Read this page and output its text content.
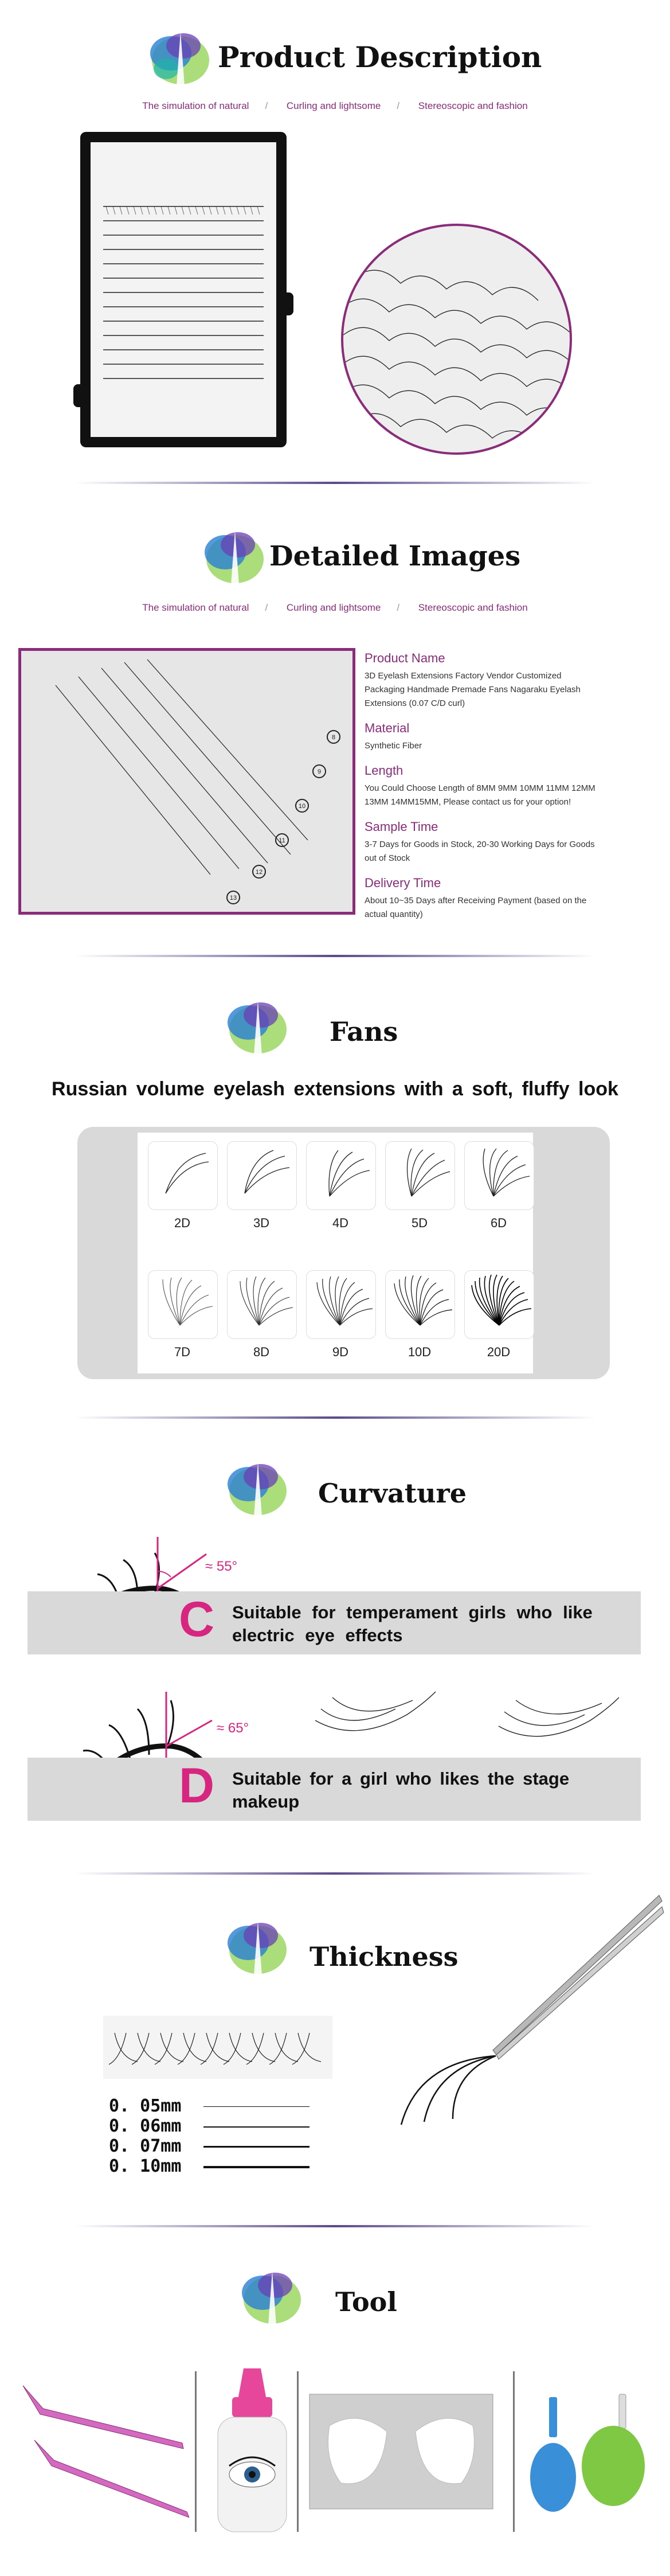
Product Description
The simulation of natural / Curling and lightsome / Stereoscopic and fashion
Detailed Images
The simulation of natural / Curling and lightsome / Stereoscopic and fashion
8
9
10
11
12
13
Product Name
3D Eyelash Extensions Factory Vendor Customized Packaging Handmade Premade Fans Nagaraku Eyelash Extensions (0.07 C/D curl)
Material
Synthetic Fiber
Length
You Could Choose Length of 8MM 9MM 10MM 11MM 12MM 13MM 14MM15MM, Please contact us for your option!
Sample Time
3-7 Days for Goods in Stock, 20-30 Working Days for Goods out of Stock
Delivery Time
About 10~35 Days after Receiving Payment (based on the actual quantity)
Fans
Russian volume eyelash extensions with a soft, fluffy look
2D	3D	4D	5D	6D
7D	8D	9D	10D	20D
Curvature
≈ 55°
C Suitable for temperament girls who like electric eye effects
≈ 65°
D Suitable for a girl who likes the stage makeup
Thickness
0. 05mm
0. 06mm
0. 07mm
0. 10mm
Tool
